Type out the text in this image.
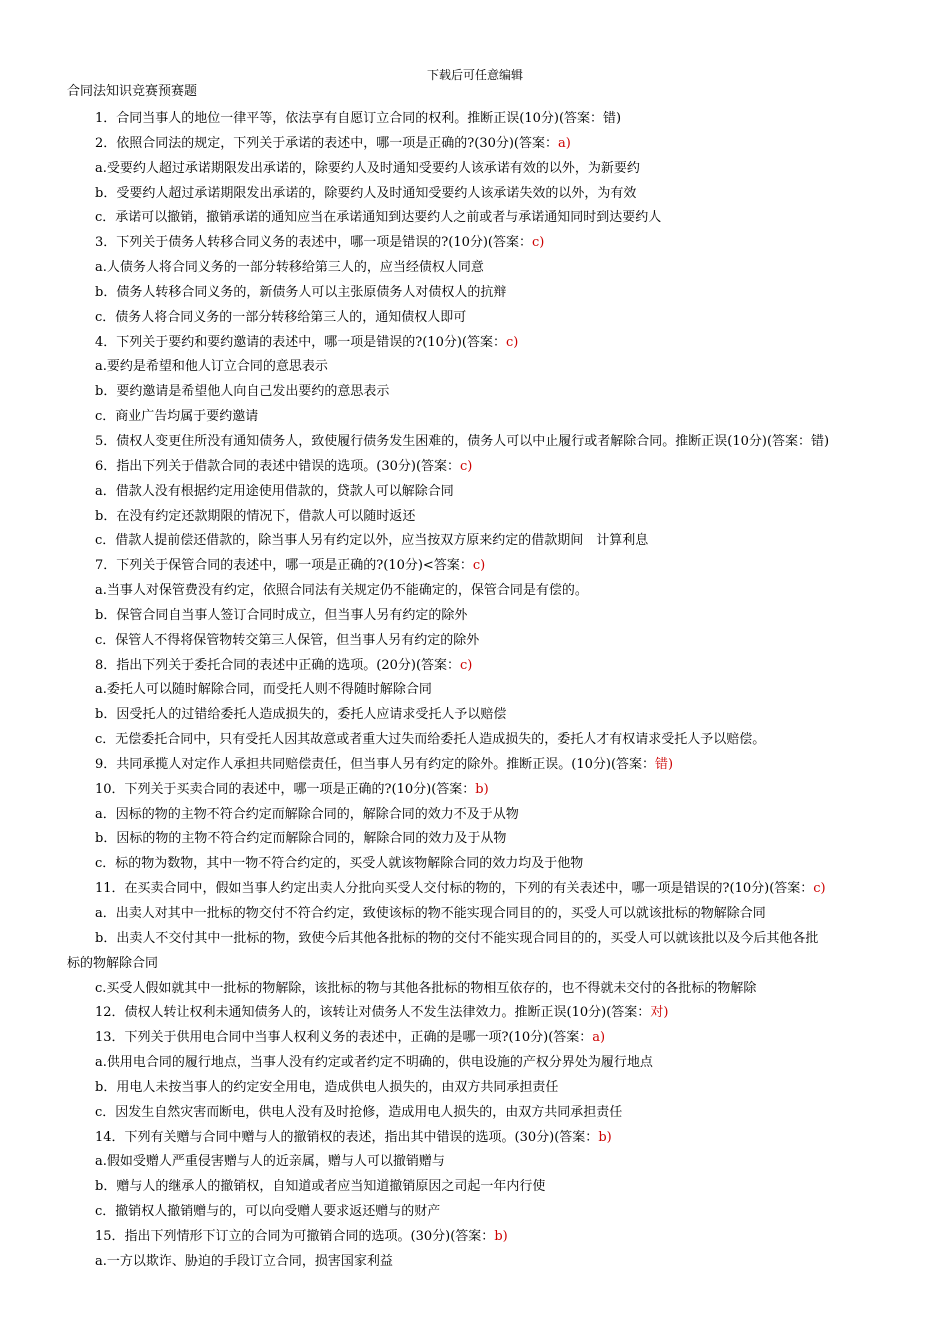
下载后可任意编辑
合同法知识竞赛预赛题
1．合同当事人的地位一律平等，依法享有自愿订立合同的权利。推断正误(10分)(答案：错)
2．依照合同法的规定，下列关于承诺的表述中，哪一项是正确的?(30分)(答案：a)
a.受要约人超过承诺期限发出承诺的，除要约人及时通知受要约人该承诺有效的以外，为新要约
b．受要约人超过承诺期限发出承诺的，除要约人及时通知受要约人该承诺失效的以外，为有效
c．承诺可以撤销，撤销承诺的通知应当在承诺通知到达要约人之前或者与承诺通知同时到达要约人
3．下列关于债务人转移合同义务的表述中，哪一项是错误的?(10分)(答案：c)
a.人债务人将合同义务的一部分转移给第三人的，应当经债权人同意
b．债务人转移合同义务的，新债务人可以主张原债务人对债权人的抗辩
c．债务人将合同义务的一部分转移给第三人的，通知债权人即可
4．下列关于要约和要约邀请的表述中，哪一项是错误的?(10分)(答案：c)
a.要约是希望和他人订立合同的意思表示
b．要约邀请是希望他人向自己发出要约的意思表示
c．商业广告均属于要约邀请
5．债权人变更住所没有通知债务人，致使履行债务发生困难的，债务人可以中止履行或者解除合同。推断正误(10分)(答案：错)
6．指出下列关于借款合同的表述中错误的选项。(30分)(答案：c)
a．借款人没有根据约定用途使用借款的，贷款人可以解除合同
b．在没有约定还款期限的情况下，借款人可以随时返还
c．借款人提前偿还借款的，除当事人另有约定以外，应当按双方原来约定的借款期间　计算利息
7．下列关于保管合同的表述中，哪一项是正确的?(10分)<答案：c)
a.当事人对保管费没有约定，依照合同法有关规定仍不能确定的，保管合同是有偿的。
b．保管合同自当事人签订合同时成立，但当事人另有约定的除外
c．保管人不得将保管物转交第三人保管，但当事人另有约定的除外
8．指出下列关于委托合同的表述中正确的选项。(20分)(答案：c)
a.委托人可以随时解除合同，而受托人则不得随时解除合同
b．因受托人的过错给委托人造成损失的，委托人应请求受托人予以赔偿
c．无偿委托合同中，只有受托人因其故意或者重大过失而给委托人造成损失的，委托人才有权请求受托人予以赔偿。
9．共同承揽人对定作人承担共同赔偿责任，但当事人另有约定的除外。推断正误。(10分)(答案：错)
10．下列关于买卖合同的表述中，哪一项是正确的?(10分)(答案：b)
a．因标的物的主物不符合约定而解除合同的，解除合同的效力不及于从物
b．因标的物的主物不符合约定而解除合同的，解除合同的效力及于从物
c．标的物为数物，其中一物不符合约定的，买受人就该物解除合同的效力均及于他物
11．在买卖合同中，假如当事人约定出卖人分批向买受人交付标的物的，下列的有关表述中，哪一项是错误的?(10分)(答案：c)
a．出卖人对其中一批标的物交付不符合约定，致使该标的物不能实现合同目的的，买受人可以就该批标的物解除合同
b．出卖人不交付其中一批标的物，致使今后其他各批标的物的交付不能实现合同目的的，买受人可以就该批以及今后其他各批
标的物解除合同
c.买受人假如就其中一批标的物解除，该批标的物与其他各批标的物相互依存的，也不得就未交付的各批标的物解除
12．债权人转让权利未通知债务人的，该转让对债务人不发生法律效力。推断正误(10分)(答案：对)
13．下列关于供用电合同中当事人权利义务的表述中，正确的是哪一项?(10分)(答案：a)
a.供用电合同的履行地点，当事人没有约定或者约定不明确的，供电设施的产权分界处为履行地点
b．用电人未按当事人的约定安全用电，造成供电人损失的，由双方共同承担责任
c．因发生自然灾害而断电，供电人没有及时抢修，造成用电人损失的，由双方共同承担责任
14．下列有关赠与合同中赠与人的撤销权的表述，指出其中错误的选项。(30分)(答案：b)
a.假如受赠人严重侵害赠与人的近亲属，赠与人可以撤销赠与
b．赠与人的继承人的撤销权，自知道或者应当知道撤销原因之司起一年内行使
c．撤销权人撤销赠与的，可以向受赠人要求返还赠与的财产
15．指出下列情形下订立的合同为可撤销合同的选项。(30分)(答案：b)
a.一方以欺诈、胁迫的手段订立合同，损害国家利益
